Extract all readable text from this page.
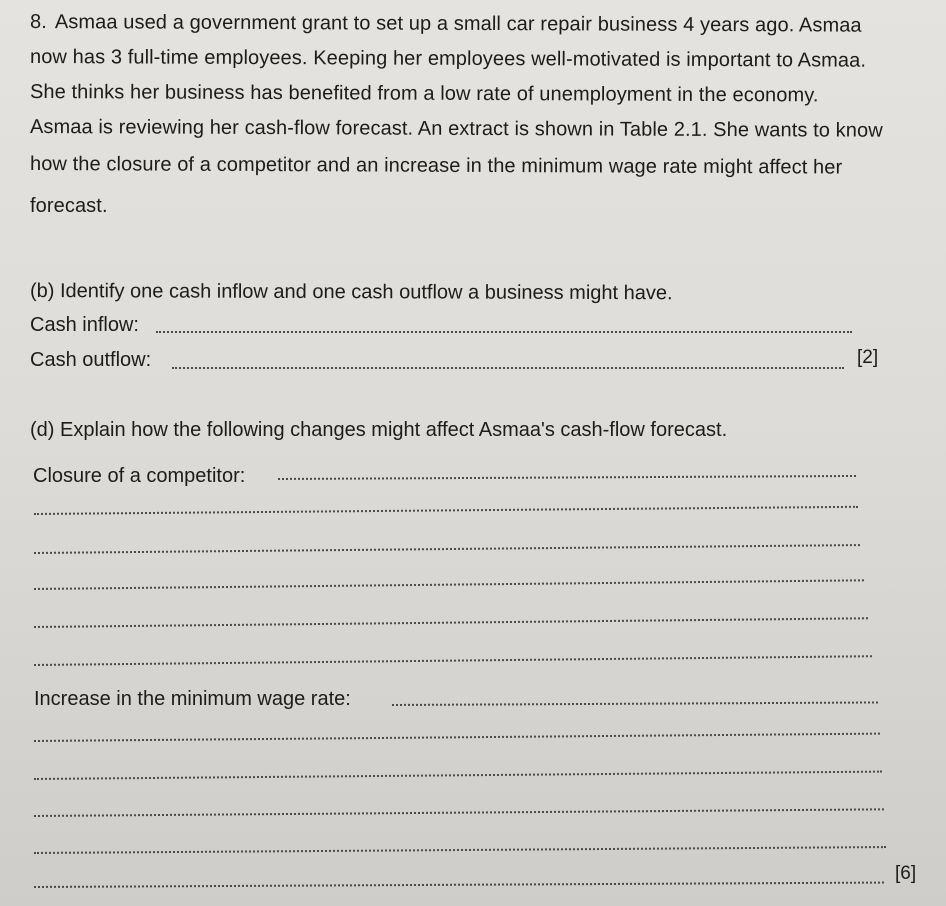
8. Asmaa used a government grant to set up a small car repair business 4 years ago. Asmaa
now has 3 full-time employees. Keeping her employees well-motivated is important to Asmaa.
She thinks her business has benefited from a low rate of unemployment in the economy.
Asmaa is reviewing her cash-flow forecast. An extract is shown in Table 2.1. She wants to know
how the closure of a competitor and an increase in the minimum wage rate might affect her
forecast.
(b) Identify one cash inflow and one cash outflow a business might have.
Cash inflow:
Cash outflow:	[2]
(d) Explain how the following changes might affect Asmaa's cash-flow forecast.
Closure of a competitor:
Increase in the minimum wage rate:
[6]
